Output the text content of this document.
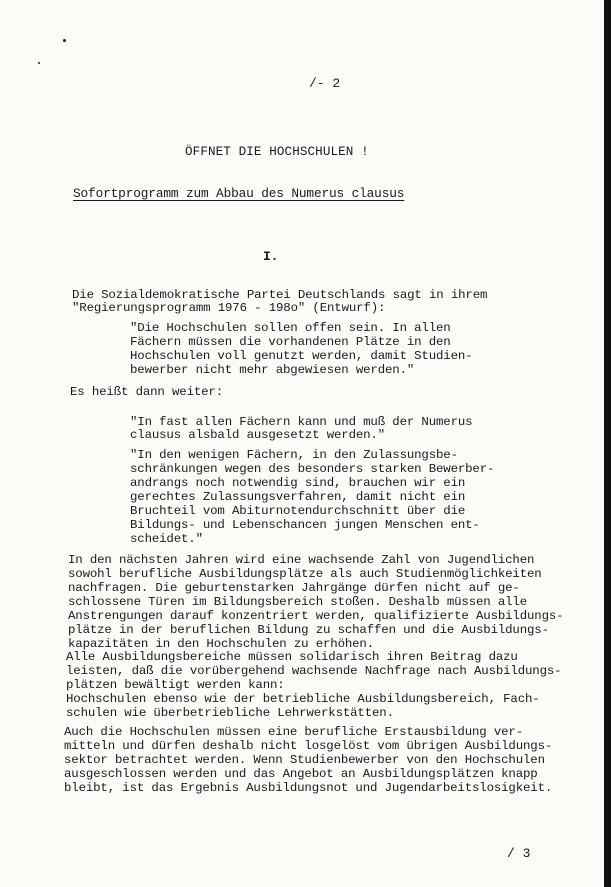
/- 2
ÖFFNET DIE HOCHSCHULEN !
Sofortprogramm zum Abbau des Numerus clausus
I.
Die Sozialdemokratische Partei Deutschlands sagt in ihrem
"Regierungsprogramm 1976 - 198o" (Entwurf):
"Die Hochschulen sollen offen sein. In allen
Fächern müssen die vorhandenen Plätze in den
Hochschulen voll genutzt werden, damit Studien-
bewerber nicht mehr abgewiesen werden."
Es heißt dann weiter:
"In fast allen Fächern kann und muß der Numerus
clausus alsbald ausgesetzt werden."
"In den wenigen Fächern, in den Zulassungsbe-
schränkungen wegen des besonders starken Bewerber-
andrangs noch notwendig sind, brauchen wir ein
gerechtes Zulassungsverfahren, damit nicht ein
Bruchteil vom Abiturnotendurchschnitt über die
Bildungs- und Lebenschancen jungen Menschen ent-
scheidet."
In den nächsten Jahren wird eine wachsende Zahl von Jugendlichen
sowohl berufliche Ausbildungsplätze als auch Studienmöglichkeiten
nachfragen. Die geburtenstarken Jahrgänge dürfen nicht auf ge-
schlossene Türen im Bildungsbereich stoßen. Deshalb müssen alle
Anstrengungen darauf konzentriert werden, qualifizierte Ausbildungs-
plätze in der beruflichen Bildung zu schaffen und die Ausbildungs-
kapazitäten in den Hochschulen zu erhöhen.
Alle Ausbildungsbereiche müssen solidarisch ihren Beitrag dazu
leisten, daß die vorübergehend wachsende Nachfrage nach Ausbildungs-
plätzen bewältigt werden kann:
Hochschulen ebenso wie der betriebliche Ausbildungsbereich, Fach-
schulen wie überbetriebliche Lehrwerkstätten.
Auch die Hochschulen müssen eine berufliche Erstausbildung ver-
mitteln und dürfen deshalb nicht losgelöst vom übrigen Ausbildungs-
sektor betrachtet werden. Wenn Studienbewerber von den Hochschulen
ausgeschlossen werden und das Angebot an Ausbildungsplätzen knapp
bleibt, ist das Ergebnis Ausbildungsnot und Jugendarbeitslosigkeit.
/ 3
